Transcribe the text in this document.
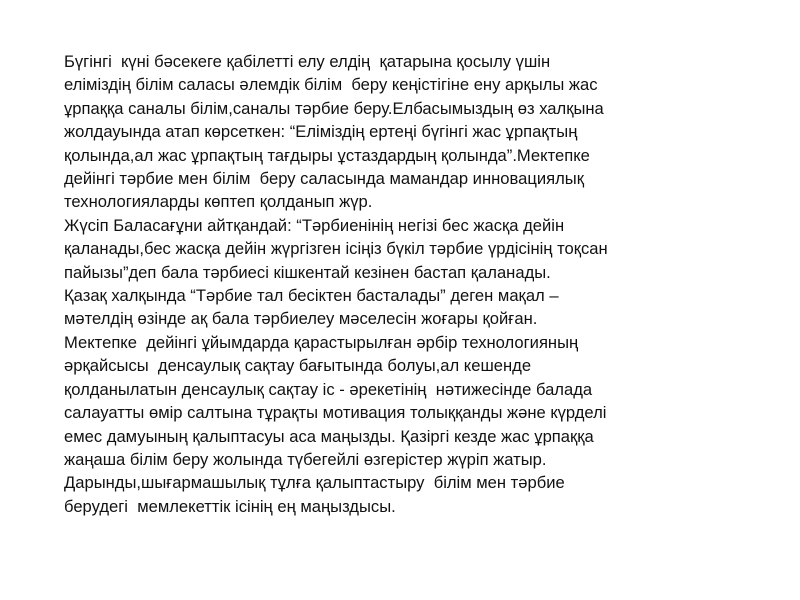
Бүгінгі  күні бәсекеге қабілетті елу елдің  қатарына қосылу үшін
еліміздің білім саласы әлемдік білім  беру кеңістігіне ену арқылы жас
ұрпаққа саналы білім,саналы тәрбие беру.Елбасымыздың өз халқына
жолдауында атап көрсеткен: “Еліміздің ертеңі бүгінгі жас ұрпақтың
қолында,ал жас ұрпақтың тағдыры ұстаздардың қолында”.Мектепке
дейінгі тәрбие мен білім  беру саласында мамандар инновациялық
технологияларды көптеп қолданып жүр.
Жүсіп Баласағұни айтқандай: “Тәрбиенінің негізі бес жасқа дейін
қаланады,бес жасқа дейін жүргізген ісіңіз бүкіл тәрбие үрдісінің тоқсан
пайызы”деп бала тәрбиесі кішкентай кезінен бастап қаланады.
Қазақ халқында “Тәрбие тал бесіктен басталады” деген мақал –
мәтелдің өзінде ақ бала тәрбиелеу мәселесін жоғары қойған.
Мектепке  дейінгі ұйымдарда қарастырылған әрбір технологияның
әрқайсысы  денсаулық сақтау бағытында болуы,ал кешенде
қолданылатын денсаулық сақтау іс - әрекетінің  нәтижесінде балада
салауатты өмір салтына тұрақты мотивация толыққанды және күрделі
емес дамуының қалыптасуы аса маңызды. Қазіргі кезде жас ұрпаққа
жаңаша білім беру жолында түбегейлі өзгерістер жүріп жатыр.
Дарынды,шығармашылық тұлға қалыптастыру  білім мен тәрбие
берудегі  мемлекеттік ісінің ең маңыздысы.
